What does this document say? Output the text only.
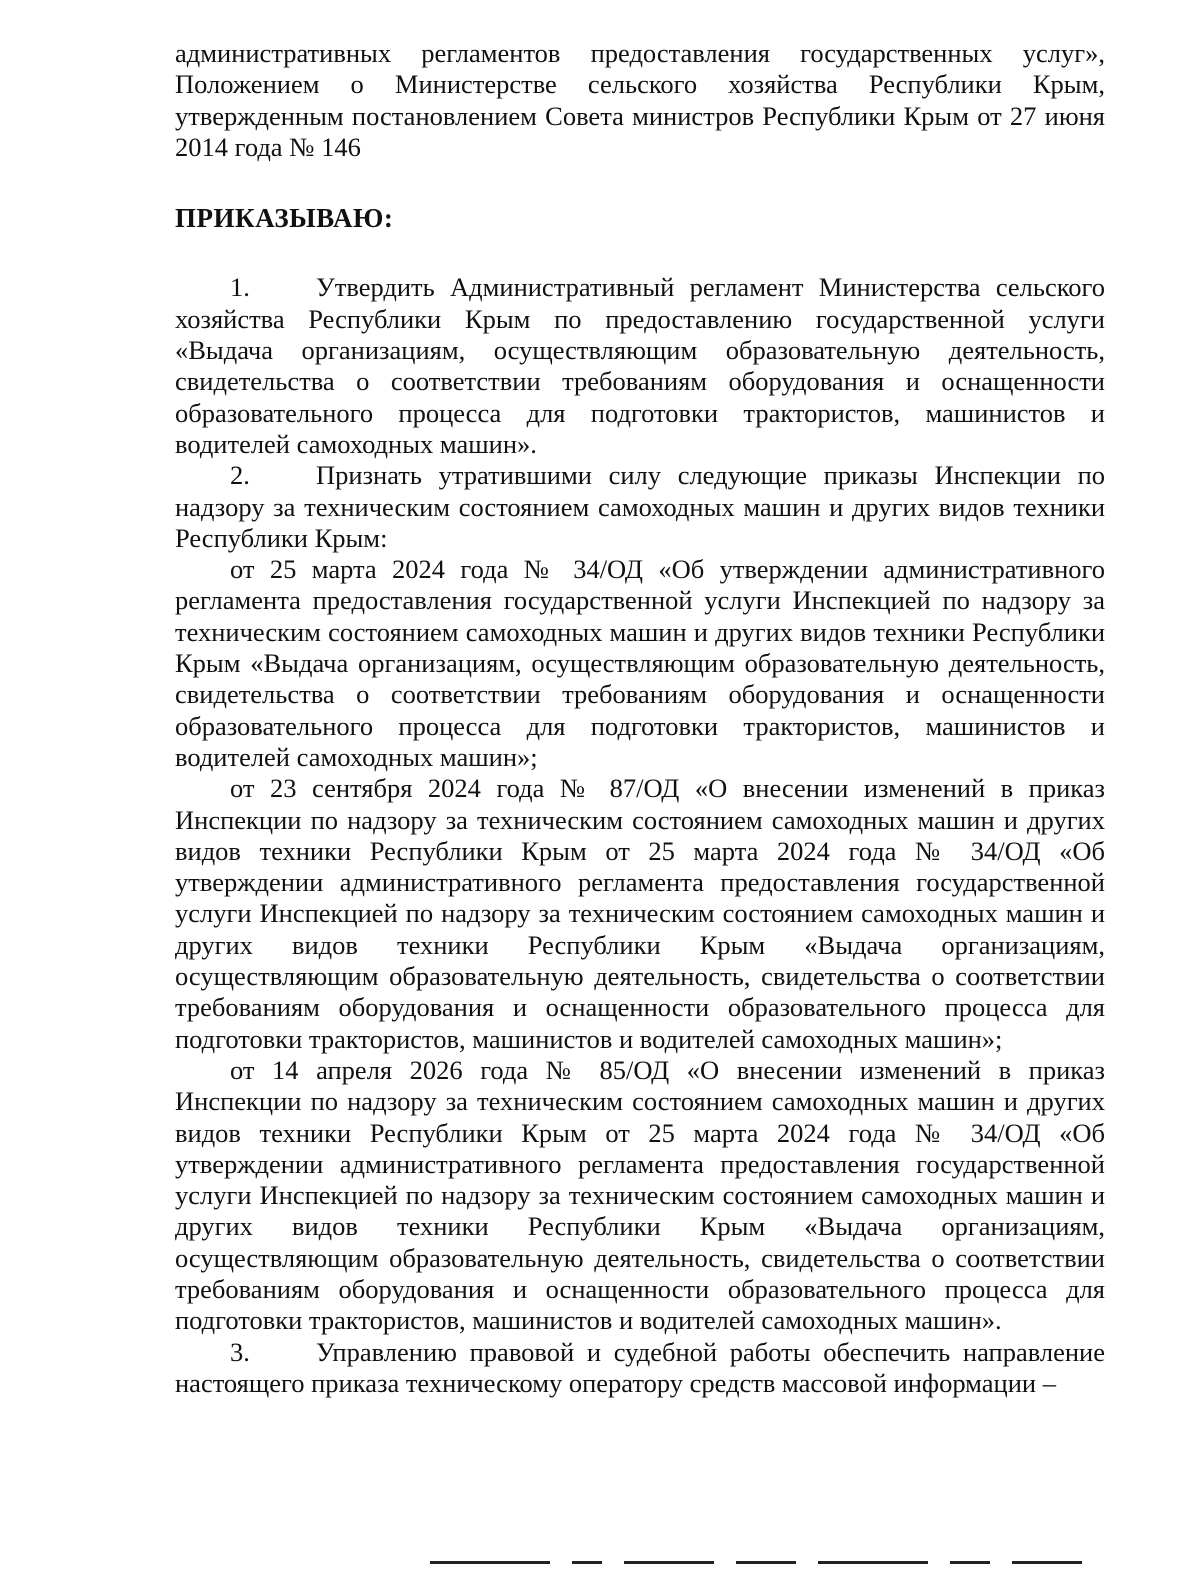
административных регламентов предоставления государственных услуг», Положением о Министерстве сельского хозяйства Республики Крым, утвержденным постановлением Совета министров Республики Крым от 27 июня 2014 года № 146

ПРИКАЗЫВАЮ:

1. Утвердить Административный регламент Министерства сельского хозяйства Республики Крым по предоставлению государственной услуги «Выдача организациям, осуществляющим образовательную деятельность, свидетельства о соответствии требованиям оборудования и оснащенности образовательного процесса для подготовки трактористов, машинистов и водителей самоходных машин».

2. Признать утратившими силу следующие приказы Инспекции по надзору за техническим состоянием самоходных машин и других видов техники Республики Крым:

от 25 марта 2024 года № 34/ОД «Об утверждении административного регламента предоставления государственной услуги Инспекцией по надзору за техническим состоянием самоходных машин и других видов техники Республики Крым «Выдача организациям, осуществляющим образовательную деятельность, свидетельства о соответствии требованиям оборудования и оснащенности образовательного процесса для подготовки трактористов, машинистов и водителей самоходных машин»;

от 23 сентября 2024 года № 87/ОД «О внесении изменений в приказ Инспекции по надзору за техническим состоянием самоходных машин и других видов техники Республики Крым от 25 марта 2024 года № 34/ОД «Об утверждении административного регламента предоставления государственной услуги Инспекцией по надзору за техническим состоянием самоходных машин и других видов техники Республики Крым «Выдача организациям, осуществляющим образовательную деятельность, свидетельства о соответствии требованиям оборудования и оснащенности образовательного процесса для подготовки трактористов, машинистов и водителей самоходных машин»;

от 14 апреля 2026 года № 85/ОД «О внесении изменений в приказ Инспекции по надзору за техническим состоянием самоходных машин и других видов техники Республики Крым от 25 марта 2024 года № 34/ОД «Об утверждении административного регламента предоставления государственной услуги Инспекцией по надзору за техническим состоянием самоходных машин и других видов техники Республики Крым «Выдача организациям, осуществляющим образовательную деятельность, свидетельства о соответствии требованиям оборудования и оснащенности образовательного процесса для подготовки трактористов, машинистов и водителей самоходных машин».

3. Управлению правовой и судебной работы обеспечить направление настоящего приказа техническому оператору средств массовой информации –
